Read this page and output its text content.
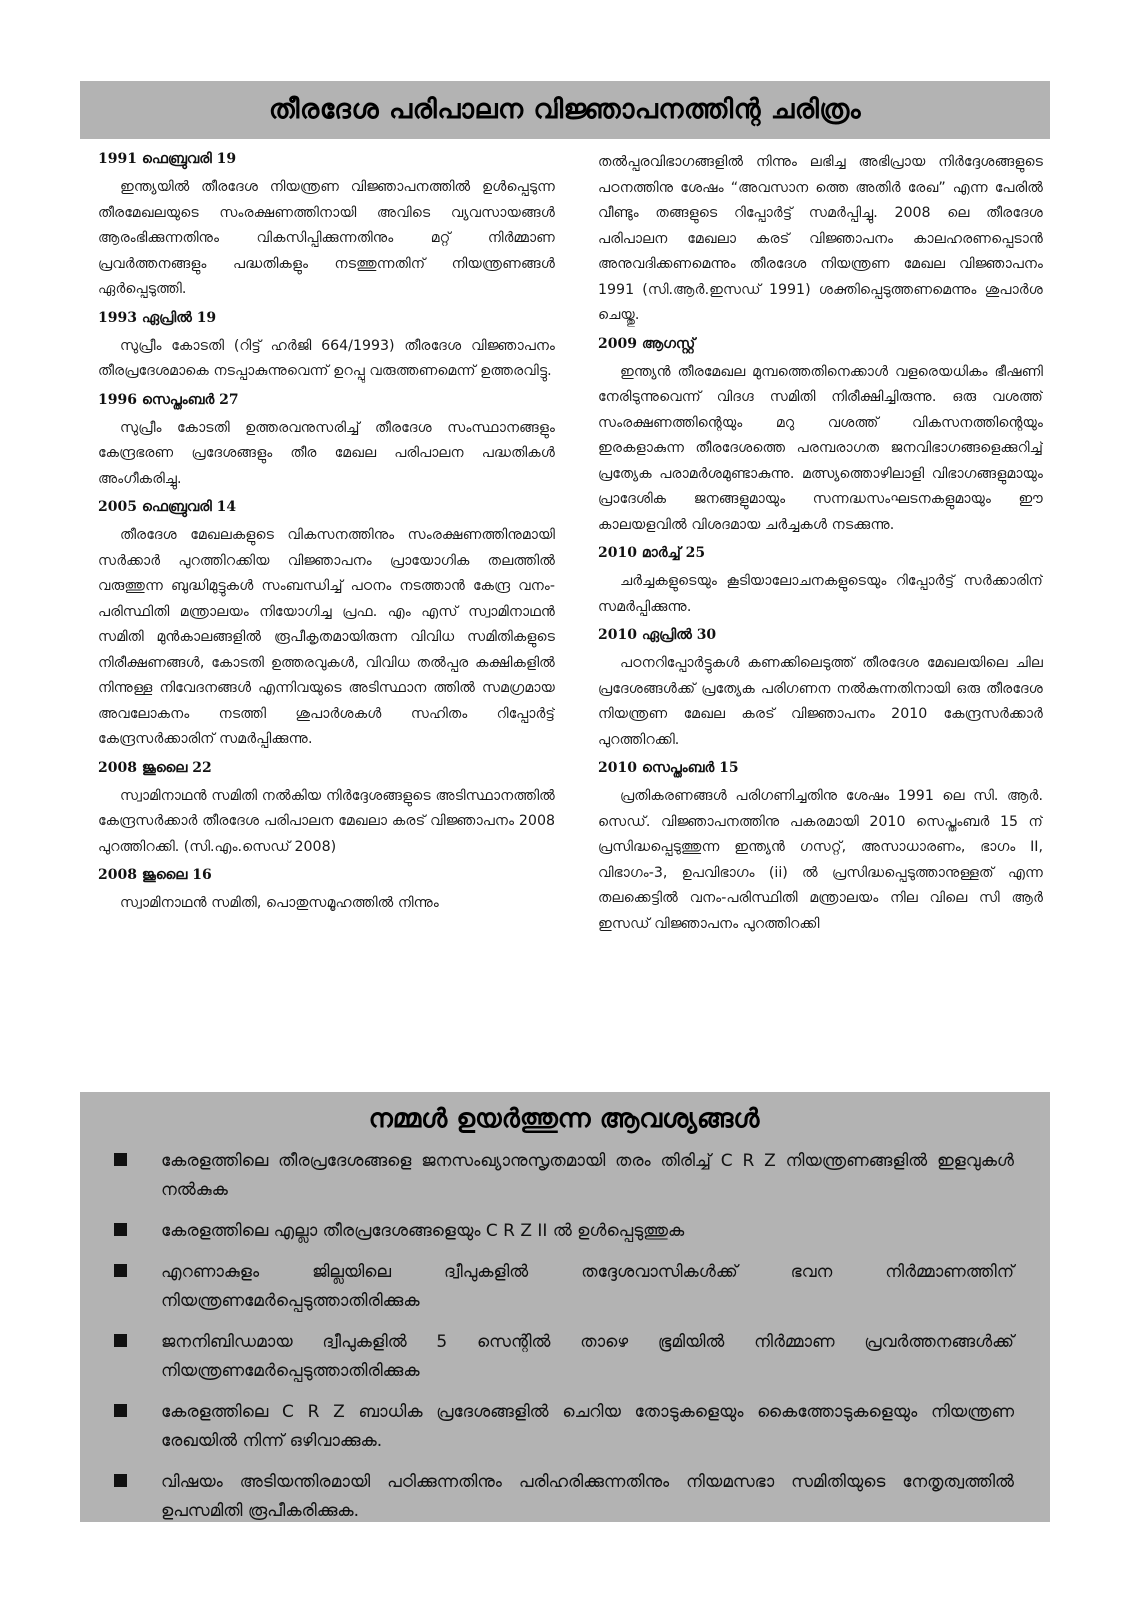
തീരദേശ പരിപാലന വിജ്ഞാപനത്തിന്റ ചരിത്രം
1991 ഫെബ്രുവരി 19

ഇന്ത്യയിൽ തീരദേശ നിയന്ത്രണ വിജ്ഞാപനത്തിൽ ഉൾപ്പെടുന്ന തീരമേഖലയുടെ സംരക്ഷണത്തിനായി അവിടെ വ്യവസായങ്ങൾ ആരംഭിക്കുന്നതിനും വികസിപ്പിക്കുന്നതിനും മറ്റ് നിർമ്മാണ പ്രവർത്തനങ്ങളും പദ്ധതികളും നടത്തുന്നതിന് നിയന്ത്രണങ്ങൾ ഏർപ്പെടുത്തി.

1993 ഏപ്രിൽ 19

സുപ്രീം കോടതി (റിട്ട് ഹർജി 664/1993) തീരദേശ വിജ്ഞാപനം തീരപ്രദേശമാകെ നടപ്പാകുന്നുവെന്ന് ഉറപ്പു വരുത്തണമെന്ന് ഉത്തരവിട്ടു.

1996 സെപ്തംബർ 27

സുപ്രീം കോടതി ഉത്തരവനുസരിച്ച് തീരദേശ സംസ്ഥാനങ്ങളും കേന്ദ്രഭരണ പ്രദേശങ്ങളും തീര മേഖല പരിപാലന പദ്ധതികൾ അംഗീകരിച്ചു.

2005 ഫെബ്രുവരി 14

തീരദേശ മേഖലകളുടെ വികസനത്തിനും സംരക്ഷണത്തിനുമായി സർക്കാർ പുറത്തിറക്കിയ വിജ്ഞാപനം പ്രായോഗിക തലത്തിൽ വരുത്തുന്ന ബുദ്ധിമുട്ടുകൾ സംബന്ധിച്ച് പഠനം നടത്താൻ കേന്ദ്ര വനം-പരിസ്ഥിതി മന്ത്രാലയം നിയോഗിച്ച പ്രഫ. എം എസ് സ്വാമിനാഥൻ സമിതി മുൻകാലങ്ങളിൽ രൂപീകൃതമായിരുന്ന വിവിധ സമിതികളുടെ നിരീക്ഷണങ്ങൾ, കോടതി ഉത്തരവുകൾ, വിവിധ തൽപ്പര കക്ഷികളിൽ നിന്നുള്ള നിവേദനങ്ങൾ എന്നിവയുടെ അടിസ്ഥാന ത്തിൽ സമഗ്രമായ അവലോകനം നടത്തി ശുപാർശകൾ സഹിതം റിപ്പോർട്ട് കേന്ദ്രസർക്കാരിന് സമർപ്പിക്കുന്നു.

2008 ജൂലൈ 22

സ്വാമിനാഥൻ സമിതി നൽകിയ നിർദ്ദേശങ്ങളുടെ അടിസ്ഥാനത്തിൽ കേന്ദ്രസർക്കാർ തീരദേശ പരിപാലന മേഖലാ കരട് വിജ്ഞാപനം 2008 പുറത്തിറക്കി. (സി.എം.സെഡ് 2008)

2008 ജൂലൈ 16

സ്വാമിനാഥൻ സമിതി, പൊതുസമൂഹത്തിൽ നിന്നും

തൽപ്പരവിഭാഗങ്ങളിൽ നിന്നും ലഭിച്ച അഭിപ്രായ നിർദ്ദേശങ്ങളുടെ പഠനത്തിനു ശേഷം “അവസാന ത്തെ അതിർ രേഖ” എന്ന പേരിൽ വീണ്ടും തങ്ങളുടെ റിപ്പോർട്ട് സമർപ്പിച്ചു. 2008 ലെ തീരദേശ പരിപാലന മേഖലാ കരട് വിജ്ഞാപനം കാലഹരണപ്പെടാൻ അനുവദിക്കണമെന്നും തീരദേശ നിയന്ത്രണ മേഖല വിജ്ഞാപനം 1991 (സി.ആർ.ഇസഡ് 1991) ശക്തിപ്പെടുത്തണമെന്നും ശുപാർശ ചെയ്തു.

2009 ആഗസ്റ്റ്

ഇന്ത്യൻ തീരമേഖല മുമ്പത്തെതിനെക്കാൾ വളരെയധികം ഭീഷണി നേരിടുന്നുവെന്ന് വിദഗ്ദ സമിതി നിരീക്ഷിച്ചിരുന്നു. ഒരു വശത്ത് സംരക്ഷണത്തിന്റെയും മറു വശത്ത് വികസനത്തിന്റെയും ഇരകളാകുന്ന തീരദേശത്തെ പരമ്പരാഗത ജനവിഭാഗങ്ങളെക്കുറിച്ച് പ്രത്യേക പരാമർശമുണ്ടാകുന്നു. മത്സ്യത്തൊഴിലാളി വിഭാഗങ്ങളുമായും പ്രാദേശിക ജനങ്ങളുമായും സന്നദ്ധസംഘടനകളുമായും ഈ കാലയളവിൽ വിശദമായ ചർച്ചകൾ നടക്കുന്നു.

2010 മാർച്ച് 25

ചർച്ചകളുടെയും കൂടിയാലോചനകളുടെയും റിപ്പോർട്ട് സർക്കാരിന് സമർപ്പിക്കുന്നു.

2010 ഏപ്രിൽ 30

പഠനറിപ്പോർട്ടുകൾ കണക്കിലെടുത്ത് തീരദേശ മേഖലയിലെ ചില പ്രദേശങ്ങൾക്ക് പ്രത്യേക പരിഗണന നൽകുന്നതിനായി ഒരു തീരദേശ നിയന്ത്രണ മേഖല കരട് വിജ്ഞാപനം 2010 കേന്ദ്രസർക്കാർ പുറത്തിറക്കി.

2010 സെപ്തംബർ 15

പ്രതികരണങ്ങൾ പരിഗണിച്ചതിനു ശേഷം 1991 ലെ സി. ആർ. സെഡ്. വിജ്ഞാപനത്തിനു പകരമായി 2010 സെപ്തംബർ 15 ന് പ്രസിദ്ധപ്പെടുത്തുന്ന ഇന്ത്യൻ ഗസറ്റ്, അസാധാരണം, ഭാഗം II, വിഭാഗം-3, ഉപവിഭാഗം (ii) ൽ പ്രസിദ്ധപ്പെടുത്താനുള്ളത് എന്ന തലക്കെട്ടിൽ വനം-പരിസ്ഥിതി മന്ത്രാലയം നില വിലെ സി ആർ ഇസഡ് വിജ്ഞാപനം പുറത്തിറക്കി

നമ്മൾ ഉയർത്തുന്ന ആവശ്യങ്ങൾ
കേരളത്തിലെ തീരപ്രദേശങ്ങളെ ജനസംഖ്യാനുസൃതമായി തരം തിരിച്ച് C R Z നിയന്ത്രണങ്ങളിൽ ഇളവുകൾ നൽകുക
കേരളത്തിലെ എല്ലാ തീരപ്രദേശങ്ങളെയും C R Z II ൽ ഉൾപ്പെടുത്തുക
എറണാകുളം ജില്ലയിലെ ദ്വീപുകളിൽ തദ്ദേശവാസികൾക്ക് ഭവന നിർമ്മാണത്തിന് നിയന്ത്രണമേർപ്പെടുത്താതിരിക്കുക
ജനനിബിഡമായ ദ്വീപുകളിൽ 5 സെന്റിൽ താഴെ ഭൂമിയിൽ നിർമ്മാണ പ്രവർത്തനങ്ങൾക്ക് നിയന്ത്രണമേർപ്പെടുത്താതിരിക്കുക
കേരളത്തിലെ C R Z ബാധിക പ്രദേശങ്ങളിൽ ചെറിയ തോടുകളെയും കൈത്തോടുകളെയും നിയന്ത്രണ രേഖയിൽ നിന്ന് ഒഴിവാക്കുക.
വിഷയം അടിയന്തിരമായി പഠിക്കുന്നതിനും പരിഹരിക്കുന്നതിനും നിയമസഭാ സമിതിയുടെ നേതൃത്വത്തിൽ ഉപസമിതി രൂപീകരിക്കുക.
